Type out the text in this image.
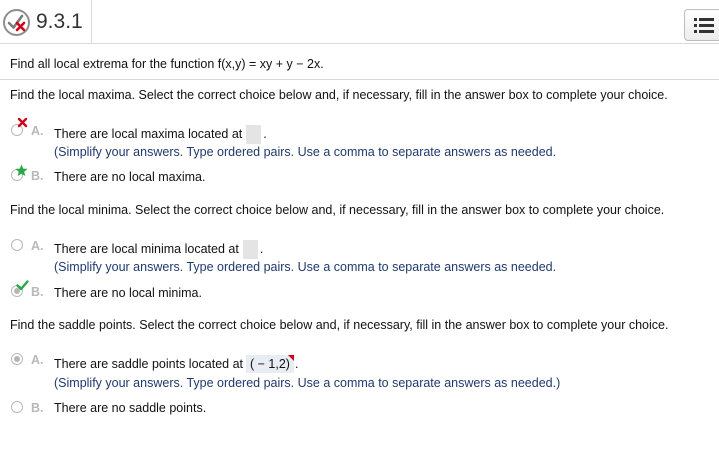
9.3.1
Find all local extrema for the function f(x,y) = xy + y − 2x.
Find the local maxima. Select the correct choice below and, if necessary, fill in the answer box to complete your choice.
A. There are local maxima located at .
(Simplify your answers. Type ordered pairs. Use a comma to separate answers as needed.
B. There are no local maxima.
Find the local minima. Select the correct choice below and, if necessary, fill in the answer box to complete your choice.
A. There are local minima located at .
(Simplify your answers. Type ordered pairs. Use a comma to separate answers as needed.
B. There are no local minima.
Find the saddle points. Select the correct choice below and, if necessary, fill in the answer box to complete your choice.
A. There are saddle points located at ( − 1,2) .
(Simplify your answers. Type ordered pairs. Use a comma to separate answers as needed.)
B. There are no saddle points.
